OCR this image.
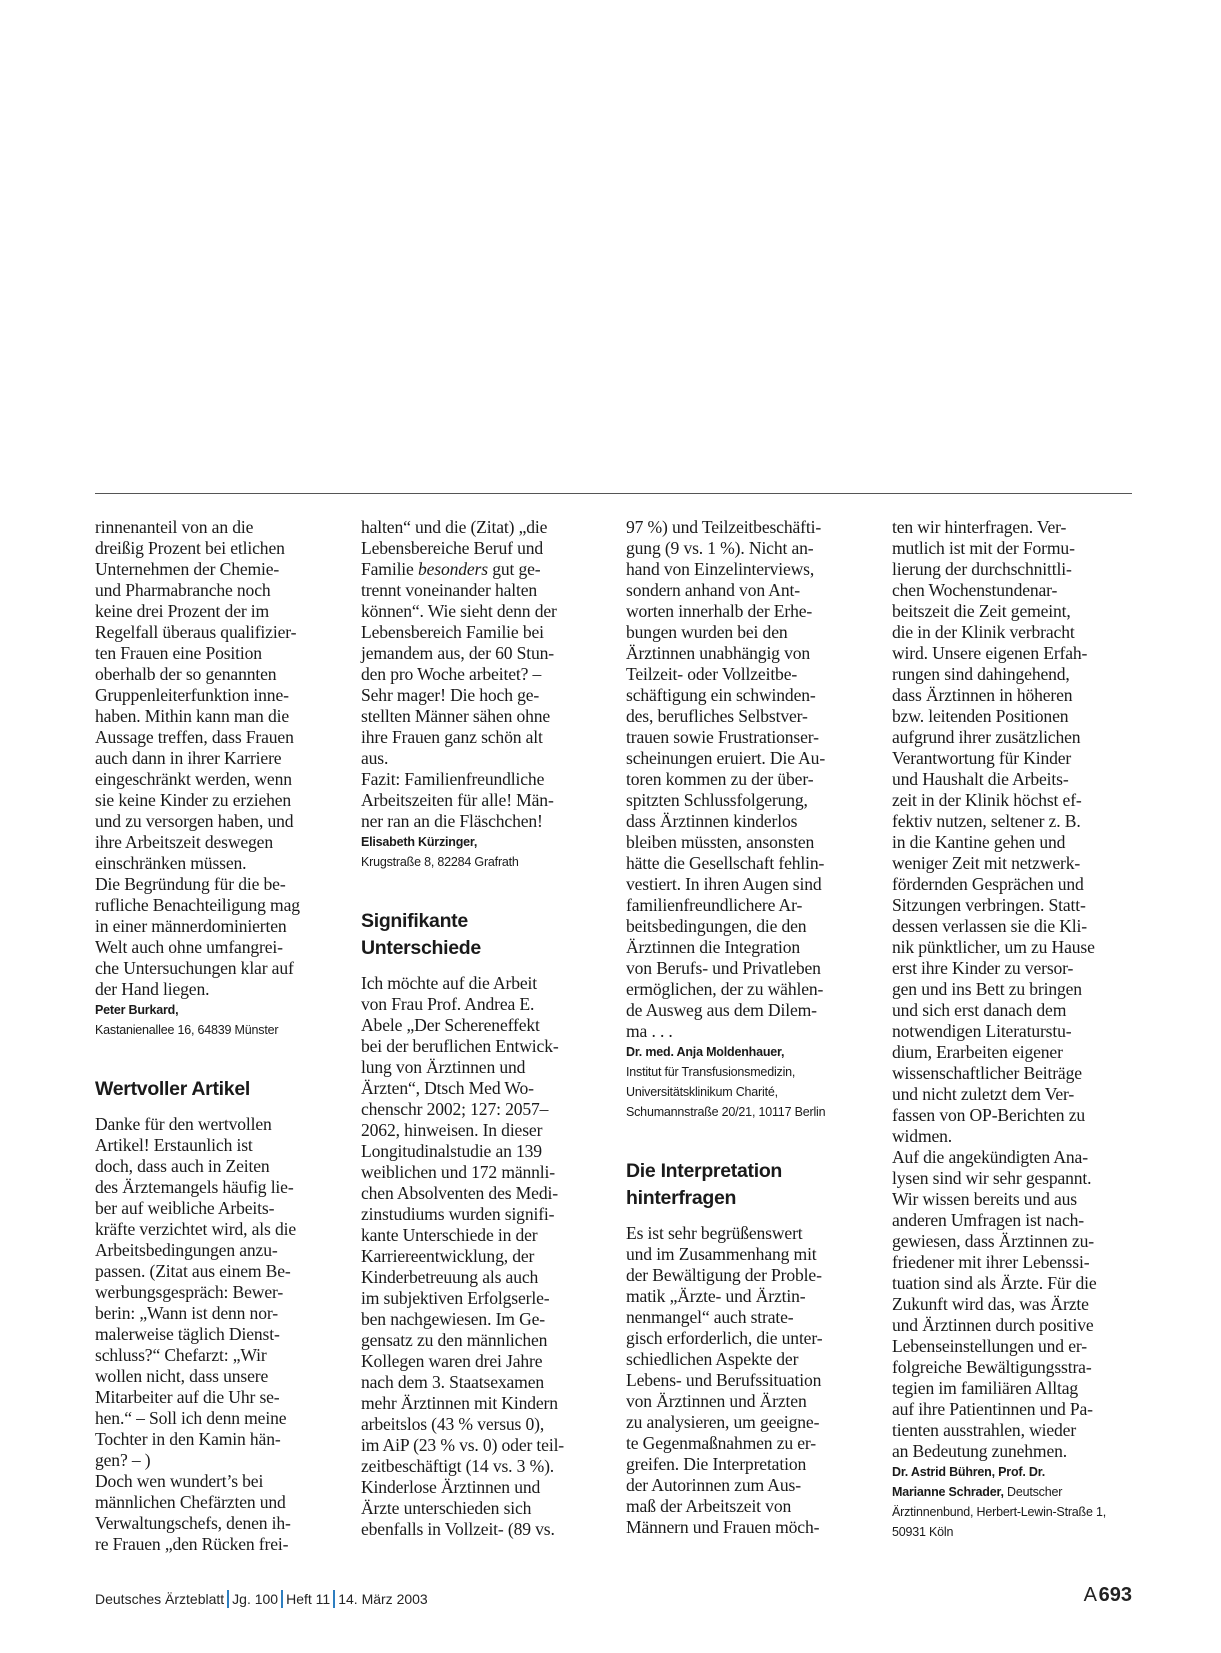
rinnenanteil von an die
dreißig Prozent bei etlichen
Unternehmen der Chemie-
und Pharmabranche noch
keine drei Prozent der im
Regelfall überaus qualifizier-
ten Frauen eine Position
oberhalb der so genannten
Gruppenleiterfunktion inne-
haben. Mithin kann man die
Aussage treffen, dass Frauen
auch dann in ihrer Karriere
eingeschränkt werden, wenn
sie keine Kinder zu erziehen
und zu versorgen haben, und
ihre Arbeitszeit deswegen
einschränken müssen.
Die Begründung für die be-
rufliche Benachteiligung mag
in einer männerdominierten
Welt auch ohne umfangrei-
che Untersuchungen klar auf
der Hand liegen.
Peter Burkard,
Kastanienallee 16, 64839 Münster
Wertvoller Artikel
Danke für den wertvollen
Artikel! Erstaunlich ist
doch, dass auch in Zeiten
des Ärztemangels häufig lie-
ber auf weibliche Arbeits-
kräfte verzichtet wird, als die
Arbeitsbedingungen anzu-
passen. (Zitat aus einem Be-
werbungsgespräch: Bewer-
berin: „Wann ist denn nor-
malerweise täglich Dienst-
schluss?“ Chefarzt: „Wir
wollen nicht, dass unsere
Mitarbeiter auf die Uhr se-
hen.“ – Soll ich denn meine
Tochter in den Kamin hän-
gen? – )
Doch wen wundert’s bei
männlichen Chefärzten und
Verwaltungschefs, denen ih-
re Frauen „den Rücken frei-
halten“ und die (Zitat) „die
Lebensbereiche Beruf und
Familie besonders gut ge-
trennt voneinander halten
können“. Wie sieht denn der
Lebensbereich Familie bei
jemandem aus, der 60 Stun-
den pro Woche arbeitet? –
Sehr mager! Die hoch ge-
stellten Männer sähen ohne
ihre Frauen ganz schön alt
aus.
Fazit: Familienfreundliche
Arbeitszeiten für alle! Män-
ner ran an die Fläschchen!
Elisabeth Kürzinger,
Krugstraße 8, 82284 Grafrath
Signifikante
Unterschiede
Ich möchte auf die Arbeit
von Frau Prof. Andrea E.
Abele „Der Schereneffekt
bei der beruflichen Entwick-
lung von Ärztinnen und
Ärzten“, Dtsch Med Wo-
chenschr 2002; 127: 2057–
2062, hinweisen. In dieser
Longitudinalstudie an 139
weiblichen und 172 männli-
chen Absolventen des Medi-
zinstudiums wurden signifi-
kante Unterschiede in der
Karriereentwicklung, der
Kinderbetreuung als auch
im subjektiven Erfolgserle-
ben nachgewiesen. Im Ge-
gensatz zu den männlichen
Kollegen waren drei Jahre
nach dem 3. Staatsexamen
mehr Ärztinnen mit Kindern
arbeitslos (43 % versus 0),
im AiP (23 % vs. 0) oder teil-
zeitbeschäftigt (14 vs. 3 %).
Kinderlose Ärztinnen und
Ärzte unterschieden sich
ebenfalls in Vollzeit- (89 vs.
97 %) und Teilzeitbeschäfti-
gung (9 vs. 1 %). Nicht an-
hand von Einzelinterviews,
sondern anhand von Ant-
worten innerhalb der Erhe-
bungen wurden bei den
Ärztinnen unabhängig von
Teilzeit- oder Vollzeitbe-
schäftigung ein schwinden-
des, berufliches Selbstver-
trauen sowie Frustrationser-
scheinungen eruiert. Die Au-
toren kommen zu der über-
spitzten Schlussfolgerung,
dass Ärztinnen kinderlos
bleiben müssten, ansonsten
hätte die Gesellschaft fehlin-
vestiert. In ihren Augen sind
familienfreundlichere Ar-
beitsbedingungen, die den
Ärztinnen die Integration
von Berufs- und Privatleben
ermöglichen, der zu wählen-
de Ausweg aus dem Dilem-
ma . . .
Dr. med. Anja Moldenhauer,
Institut für Transfusionsmedizin,
Universitätsklinikum Charité,
Schumannstraße 20/21, 10117 Berlin
Die Interpretation
hinterfragen
Es ist sehr begrüßenswert
und im Zusammenhang mit
der Bewältigung der Proble-
matik „Ärzte- und Ärztin-
nenmangel“ auch strate-
gisch erforderlich, die unter-
schiedlichen Aspekte der
Lebens- und Berufssituation
von Ärztinnen und Ärzten
zu analysieren, um geeigne-
te Gegenmaßnahmen zu er-
greifen. Die Interpretation
der Autorinnen zum Aus-
maß der Arbeitszeit von
Männern und Frauen möch-
ten wir hinterfragen. Ver-
mutlich ist mit der Formu-
lierung der durchschnittli-
chen Wochenstundenar-
beitszeit die Zeit gemeint,
die in der Klinik verbracht
wird. Unsere eigenen Erfah-
rungen sind dahingehend,
dass Ärztinnen in höheren
bzw. leitenden Positionen
aufgrund ihrer zusätzlichen
Verantwortung für Kinder
und Haushalt die Arbeits-
zeit in der Klinik höchst ef-
fektiv nutzen, seltener z. B.
in die Kantine gehen und
weniger Zeit mit netzwerk-
fördernden Gesprächen und
Sitzungen verbringen. Statt-
dessen verlassen sie die Kli-
nik pünktlicher, um zu Hause
erst ihre Kinder zu versor-
gen und ins Bett zu bringen
und sich erst danach dem
notwendigen Literaturstu-
dium, Erarbeiten eigener
wissenschaftlicher Beiträge
und nicht zuletzt dem Ver-
fassen von OP-Berichten zu
widmen.
Auf die angekündigten Ana-
lysen sind wir sehr gespannt.
Wir wissen bereits und aus
anderen Umfragen ist nach-
gewiesen, dass Ärztinnen zu-
friedener mit ihrer Lebenssi-
tuation sind als Ärzte. Für die
Zukunft wird das, was Ärzte
und Ärztinnen durch positive
Lebenseinstellungen und er-
folgreiche Bewältigungsstra-
tegien im familiären Alltag
auf ihre Patientinnen und Pa-
tienten ausstrahlen, wieder
an Bedeutung zunehmen.
Dr. Astrid Bühren, Prof. Dr.
Marianne Schrader, Deutscher
Ärztinnenbund, Herbert-Lewin-Straße 1,
50931 Köln
Deutsches Ärzteblatt Jg. 100 Heft 11 14. März 2003	A 693
